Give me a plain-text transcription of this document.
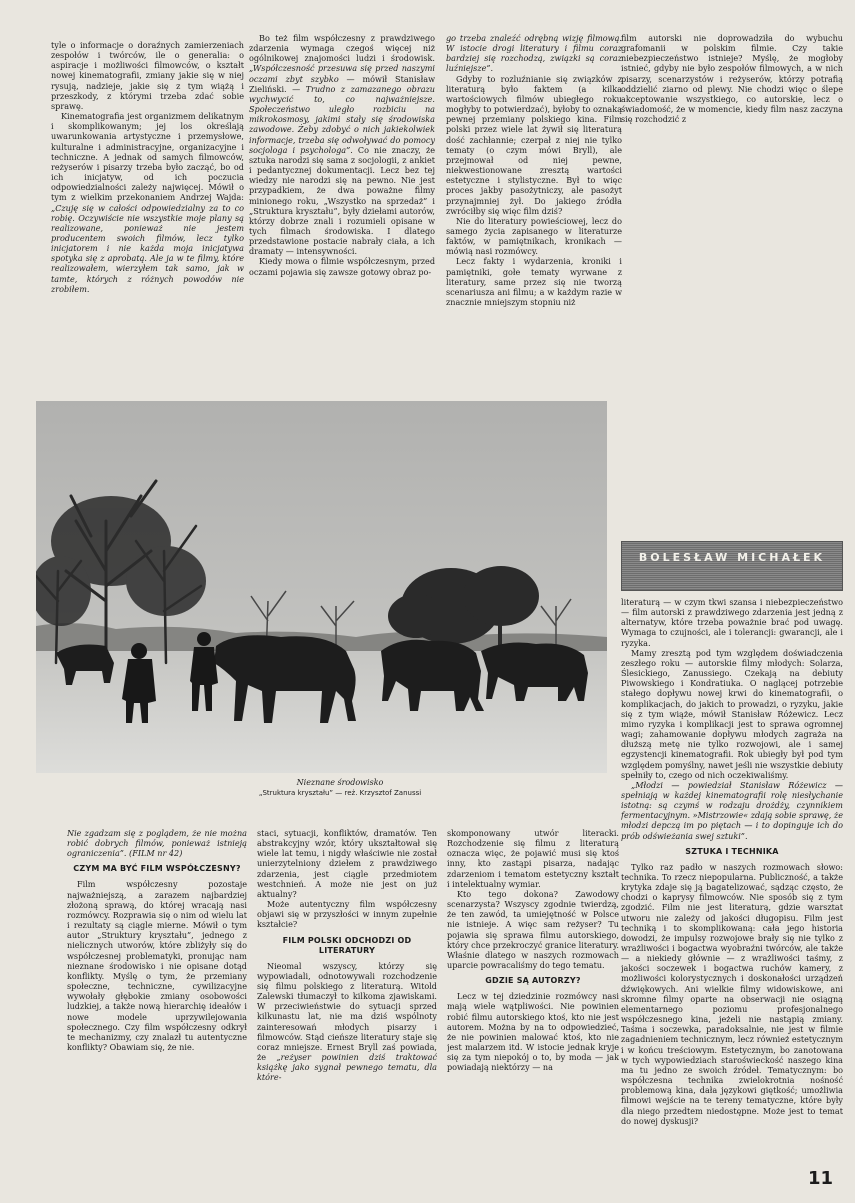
tyle o informacje o doraźnych zamierzeniach zespołów i twórców, ile o generalia: o aspiracje i możliwości filmowców, o kształt nowej kinematografii, zmiany jakie się w niej rysują, nadzieje, jakie się z tym wiążą i przeszkody, z którymi trzeba zdać sobie sprawę.

Kinematografia jest organizmem delikatnym i skomplikowanym; jej los określają uwarunkowania artystyczne i przemysłowe, kulturalne i administracyjne, organizacyjne i techniczne. A jednak od samych filmowców, reżyserów i pisarzy trzeba było zacząć, bo od ich inicjatyw, od ich poczucia odpowiedzialności zależy najwięcej. Mówił o tym z wielkim przekonaniem Andrzej Wajda: „Czuję się w całości odpowiedzialny za to co robię. Oczywiście nie wszystkie moje plany są realizowane, ponieważ nie jestem producentem swoich filmów, lecz tylko inicjatorem i nie każda moja inicjatywa spotyka się z aprobatą. Ale ja w te filmy, które realizowałem, wierzyłem tak samo, jak w tamte, których z różnych powodów nie zrobiłem.

Bo też film współczesny z prawdziwego zdarzenia wymaga czegoś więcej niż ogólnikowej znajomości ludzi i środowisk. „Współczesność przesuwa się przed naszymi oczami zbyt szybko — mówił Stanisław Zieliński. — Trudno z zamazanego obrazu wychwycić to, co najważniejsze. Społeczeństwo uległo rozbiciu na mikrokosmosy, jakimi stały się środowiska zawodowe. Żeby zdobyć o nich jakiekolwiek informacje, trzeba się odwoływać do pomocy socjologa i psychologa”. Co nie znaczy, że sztuka narodzi się sama z socjologii, z ankiet i pedantycznej dokumentacji. Lecz bez tej wiedzy nie narodzi się na pewno. Nie jest przypadkiem, że dwa poważne filmy minionego roku, „Wszystko na sprzedaż” i „Struktura kryształu”, były dziełami autorów, którzy dobrze znali i rozumieli opisane w tych filmach środowiska. I dlatego przedstawione postacie nabrały ciała, a ich dramaty — intensywności.

Kiedy mowa o filmie współczesnym, przed oczami pojawia się zawsze gotowy obraz po-

go trzeba znaleźć odrębną wizję filmową. W istocie drogi literatury i filmu coraz bardziej się rozchodzą, związki są coraz luźniejsze”.

Gdyby to rozluźnianie się związków z literaturą było faktem (a kilka wartościowych filmów ubiegłego roku mogłyby to potwierdzać), byłoby to oznaką pewnej przemiany polskiego kina. Film polski przez wiele lat żywił się literaturą dość zachłannie; czerpał z niej nie tylko tematy (o czym mówi Bryll), ale przejmował od niej pewne, niekwestionowane zresztą wartości estetyczne i stylistyczne. Był to więc proces jakby pasożytniczy, ale pasożyt przynajmniej żył. Do jakiego źródła zwróciłby się więc film dziś?

Nie do literatury powieściowej, lecz do samego życia zapisanego w literaturze faktów, w pamiętnikach, kronikach — mówią nasi rozmówcy.

Lecz fakty i wydarzenia, kroniki i pamiętniki, gołe tematy wyrwane z literatury, same przez się nie tworzą scenariusza ani filmu; a w każdym razie w znacznie mniejszym stopniu niż

film autorski nie doprowadziła do wybuchu grafomanii w polskim filmie. Czy takie niebezpieczeństwo istnieje? Myślę, że mogłoby istnieć, gdyby nie było zespołów filmowych, a w nich pisarzy, scenarzystów i reżyserów, którzy potrafią oddzielić ziarno od plewy. Nie chodzi więc o ślepe akceptowanie wszystkiego, co autorskie, lecz o świadomość, że w momencie, kiedy film nasz zaczyna się rozchodzić z

BOLESŁAW MICHAŁEK

literaturą — w czym tkwi szansa i niebezpieczeństwo — film autorski z prawdziwego zdarzenia jest jedną z alternatyw, które trzeba poważnie brać pod uwagę. Wymaga to czujności, ale i tolerancji: gwarancji, ale i ryzyka.

Mamy zresztą pod tym względem doświadczenia zeszłego roku — autorskie filmy młodych: Solarza, Ślesickiego, Zanussiego. Czekają na debiuty Piwowskiego i Kondratiuka. O naglącej potrzebie stałego dopływu nowej krwi do kinematografii, o komplikacjach, do jakich to prowadzi, o ryzyku, jakie się z tym wiąże, mówił Stanisław Różewicz. Lecz mimo ryzyka i komplikacji jest to sprawa ogromnej wagi; zahamowanie dopływu młodych zagraża na dłuższą metę nie tylko rozwojowi, ale i samej egzystencji kinematografii. Rok ubiegły był pod tym względem pomyślny, nawet jeśli nie wszystkie debiuty spełniły to, czego od nich oczekiwaliśmy.

„Młodzi — powiedział Stanisław Różewicz — spełniają w każdej kinematografii rolę niesłychanie istotną: są czymś w rodzaju drożdży, czynnikiem fermentacyjnym. »Mistrzowie« zdają sobie sprawę, że młodzi depczą im po piętach — i to dopinguje ich do prób odświeżania swej sztuki”.

SZTUKA I TECHNIKA

Tylko raz padło w naszych rozmowach słowo: technika. To rzecz niepopularna. Publiczność, a także krytyka zdaje się ją bagatelizować, sądząc często, że chodzi o kaprysy filmowców. Nie sposób się z tym zgodzić. Film nie jest literaturą, gdzie warsztat utworu nie zależy od jakości długopisu. Film jest techniką i to skomplikowaną: cała jego historia dowodzi, że impulsy rozwojowe brały się nie tylko z wrażliwości i bogactwa wyobraźni twórców, ale także — a niekiedy głównie — z wrażliwości taśmy, z jakości soczewek i bogactwa ruchów kamery, z możliwości kolorystycznych i doskonałości urządzeń dźwiękowych. Ani wielkie filmy widowiskowe, ani skromne filmy oparte na obserwacji nie osiągną elementarnego poziomu profesjonalnego współczesnego kina, jeżeli nie nastąpią zmiany. Taśma i soczewka, paradoksalnie, nie jest w filmie zagadnieniem technicznym, lecz również estetycznym i w końcu treściowym. Estetycznym, bo zanotowana w tych wypowiedziach staroświeckość naszego kina ma tu jedno ze swoich źródeł. Tematycznym: bo współczesna technika zwielokrotnia nośność problemową kina, dała językowi giętkość; umożliwia filmowi wejście na te tereny tematyczne, które były dla niego przedtem niedostępne. Może jest to temat do nowej dyskusji?

Nieznane środowisko
„Struktura kryształu” — reż. Krzysztof Zanussi

Nie zgadzam się z poglądem, że nie można robić dobrych filmów, ponieważ istnieją ograniczenia”. (FILM nr 42)

CZYM MA BYĆ FILM WSPÓŁCZESNY?

Film współczesny pozostaje najważniejszą, a zarazem najbardziej złożoną sprawą, do której wracają nasi rozmówcy. Rozprawia się o nim od wielu lat i rezultaty są ciągle mierne. Mówił o tym autor „Struktury kryształu”, jednego z nielicznych utworów, które zbliżyły się do współczesnej problematyki, pronując nam nieznane środowisko i nie opisane dotąd konflikty. Myślę o tym, że przemiany społeczne, techniczne, cywilizacyjne wywołały głębokie zmiany osobowości ludzkiej, a także nową hierarchię ideałów i nowe modele uprzywilejowania społecznego. Czy film współczesny odkrył te mechanizmy, czy znalazł tu autentyczne konflikty? Obawiam się, że nie.

staci, sytuacji, konfliktów, dramatów. Ten abstrakcyjny wzór, który ukształtował się wiele lat temu, i nigdy właściwie nie został unierzytelniony dziełem z prawdziwego zdarzenia, jest ciągle przedmiotem westchnień. A może nie jest on już aktualny?

Może autentyczny film współczesny objawi się w przyszłości w innym zupełnie kształcie?

FILM POLSKI ODCHODZI OD LITERATURY

Nieomal wszyscy, którzy się wypowiadali, odnotowywali rozchodzenie się filmu polskiego z literaturą. Witold Zalewski tłumaczył to kilkoma zjawiskami. W przeciwieństwie do sytuacji sprzed kilkunastu lat, nie ma dziś wspólnoty zainteresowań młodych pisarzy i filmowców. Stąd cieńsze literatury staje się coraz mniejsze. Ernest Bryll zaś powiada, że „reżyser powinien dziś traktować książkę jako sygnał pewnego tematu, dla które-

skomponowany utwór literacki. Rozchodzenie się filmu z literaturą oznacza więc, że pojawić musi się ktoś inny, kto zastąpi pisarza, nadając zdarzeniom i tematom estetyczny kształt i intelektualny wymiar.

Kto tego dokona? Zawodowy scenarzysta? Wszyscy zgodnie twierdzą, że ten zawód, ta umiejętność w Polsce nie istnieje. A więc sam reżyser? Tu pojawia się sprawa filmu autorskiego, który chce przekroczyć granice literatury. Właśnie dlatego w naszych rozmowach uparcie powracaliśmy do tego tematu.

GDZIE SĄ AUTORZY?

Lecz w tej dziedzinie rozmówcy nasi mają wiele wątpliwości. Nie powinien robić filmu autorskiego ktoś, kto nie jest autorem. Można by na to odpowiedzieć, że nie powinien malować ktoś, kto nie jest malarzem itd. W istocie jednak kryje się za tym niepokój o to, by moda — jak powiadają niektórzy — na

11
